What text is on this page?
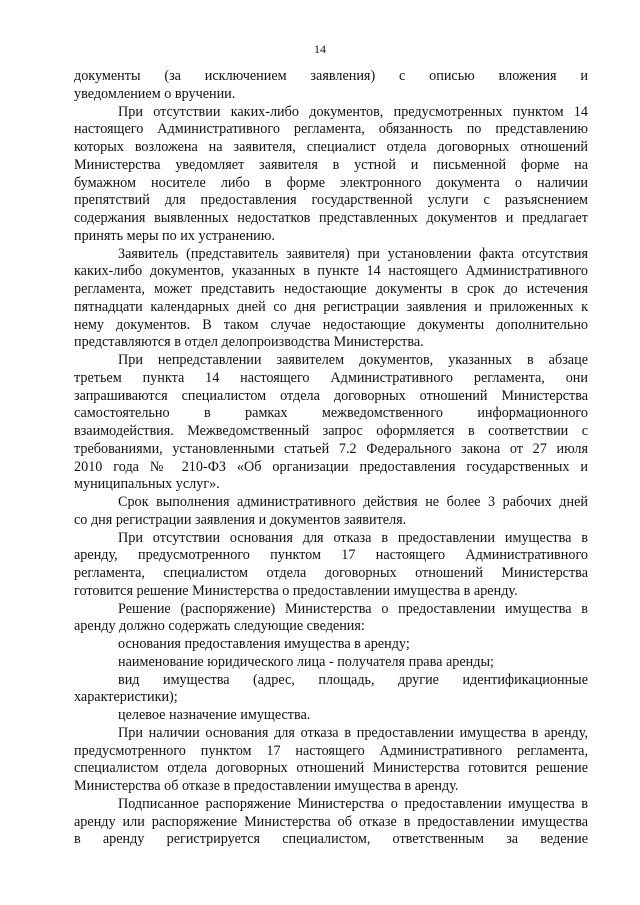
14
документы (за исключением заявления) с описью вложения и
уведомлением о вручении.
При отсутствии каких-либо документов, предусмотренных пунктом 14
настоящего Административного регламента, обязанность по представлению
которых возложена на заявителя, специалист отдела договорных отношений
Министерства уведомляет заявителя в устной и письменной форме на
бумажном носителе либо в форме электронного документа о наличии
препятствий для предоставления государственной услуги с разъяснением
содержания выявленных недостатков представленных документов и предлагает
принять меры по их устранению.
Заявитель (представитель заявителя) при установлении факта отсутствия
каких-либо документов, указанных в пункте 14 настоящего Административного
регламента, может представить недостающие документы в срок до истечения
пятнадцати календарных дней со дня регистрации заявления и приложенных к
нему документов. В таком случае недостающие документы дополнительно
представляются в отдел делопроизводства Министерства.
При непредставлении заявителем документов, указанных в абзаце
третьем пункта 14 настоящего Административного регламента, они
запрашиваются специалистом отдела договорных отношений Министерства
самостоятельно в рамках межведомственного информационного
взаимодействия. Межведомственный запрос оформляется в соответствии с
требованиями, установленными статьей 7.2 Федерального закона от 27 июля
2010 года № 210-ФЗ «Об организации предоставления государственных и
муниципальных услуг».
Срок выполнения административного действия не более 3 рабочих дней
со дня регистрации заявления и документов заявителя.
При отсутствии основания для отказа в предоставлении имущества в
аренду, предусмотренного пунктом 17 настоящего Административного
регламента, специалистом отдела договорных отношений Министерства
готовится решение Министерства о предоставлении имущества в аренду.
Решение (распоряжение) Министерства о предоставлении имущества в
аренду должно содержать следующие сведения:
основания предоставления имущества в аренду;
наименование юридического лица - получателя права аренды;
вид имущества (адрес, площадь, другие идентификационные
характеристики);
целевое назначение имущества.
При наличии основания для отказа в предоставлении имущества в аренду,
предусмотренного пунктом 17 настоящего Административного регламента,
специалистом отдела договорных отношений Министерства готовится решение
Министерства об отказе в предоставлении имущества в аренду.
Подписанное распоряжение Министерства о предоставлении имущества в
аренду или распоряжение Министерства об отказе в предоставлении имущества
в аренду регистрируется специалистом, ответственным за ведение
